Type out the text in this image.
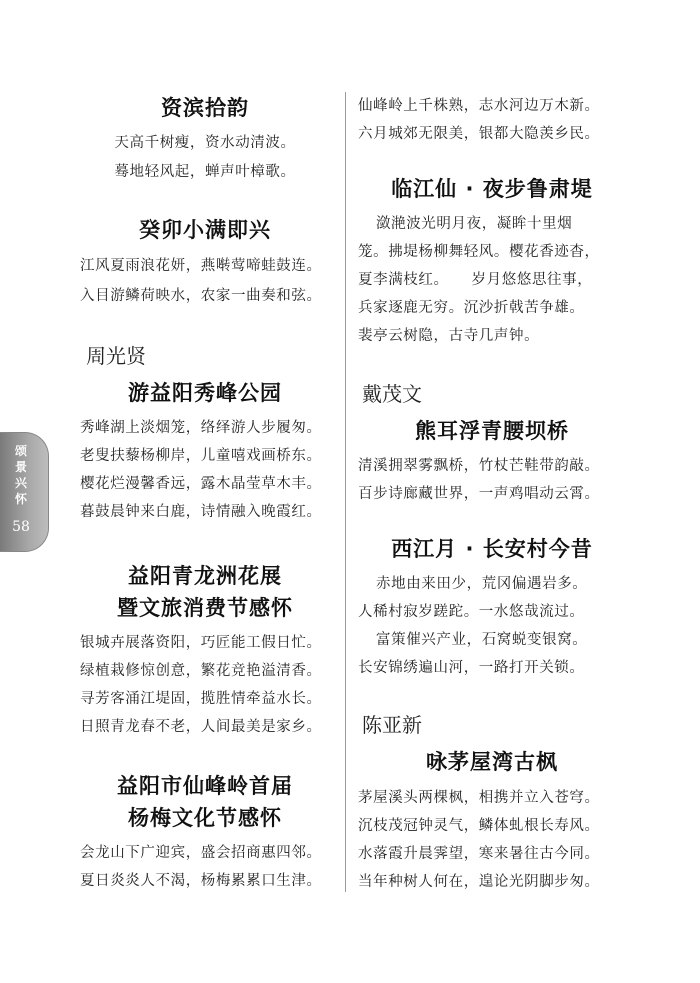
颂景兴怀
58
资滨拾韵
天高千树瘦，资水动清波。
蓦地轻风起，蝉声叶樟歌。
癸卯小满即兴
江风夏雨浪花妍，燕啭莺啼蛙鼓连。
入目游鳞荷映水，农家一曲奏和弦。
周光贤
游益阳秀峰公园
秀峰湖上淡烟笼，络绎游人步履匆。
老叟扶藜杨柳岸，儿童嘻戏画桥东。
樱花烂漫馨香远，露木晶莹草木丰。
暮鼓晨钟来白鹿，诗情融入晚霞红。
益阳青龙洲花展
暨文旅消费节感怀
银城卉展落资阳，巧匠能工假日忙。
绿植栽修惊创意，繁花竞艳溢清香。
寻芳客涌江堤固，揽胜情牵益水长。
日照青龙春不老，人间最美是家乡。
益阳市仙峰岭首届
杨梅文化节感怀
会龙山下广迎宾，盛会招商惠四邻。
夏日炎炎人不渴，杨梅累累口生津。
仙峰岭上千株熟，志水河边万木新。
六月城郊无限美，银都大隐羡乡民。
临江仙 · 夜步鲁肃堤
潋滟波光明月夜，凝眸十里烟
笼。拂堤杨柳舞轻风。樱花香迹杳，
夏李满枝红。　　岁月悠悠思往事，
兵家逐鹿无穷。沉沙折戟苦争雄。
裴亭云树隐，古寺几声钟。
戴茂文
熊耳浮青腰坝桥
清溪拥翠雾飘桥，竹杖芒鞋带韵敲。
百步诗廊藏世界，一声鸡唱动云霄。
西江月 · 长安村今昔
赤地由来田少，荒冈偏遇岩多。
人稀村寂岁蹉跎。一水悠哉流过。
富策催兴产业，石窝蜕变银窝。
长安锦绣遍山河，一路打开关锁。
陈亚新
咏茅屋湾古枫
茅屋溪头两棵枫，相携并立入苍穹。
沉枝茂冠钟灵气，鳞体虬根长寿风。
水落霞升晨霁望，寒来暑往古今同。
当年种树人何在，遑论光阴脚步匆。
